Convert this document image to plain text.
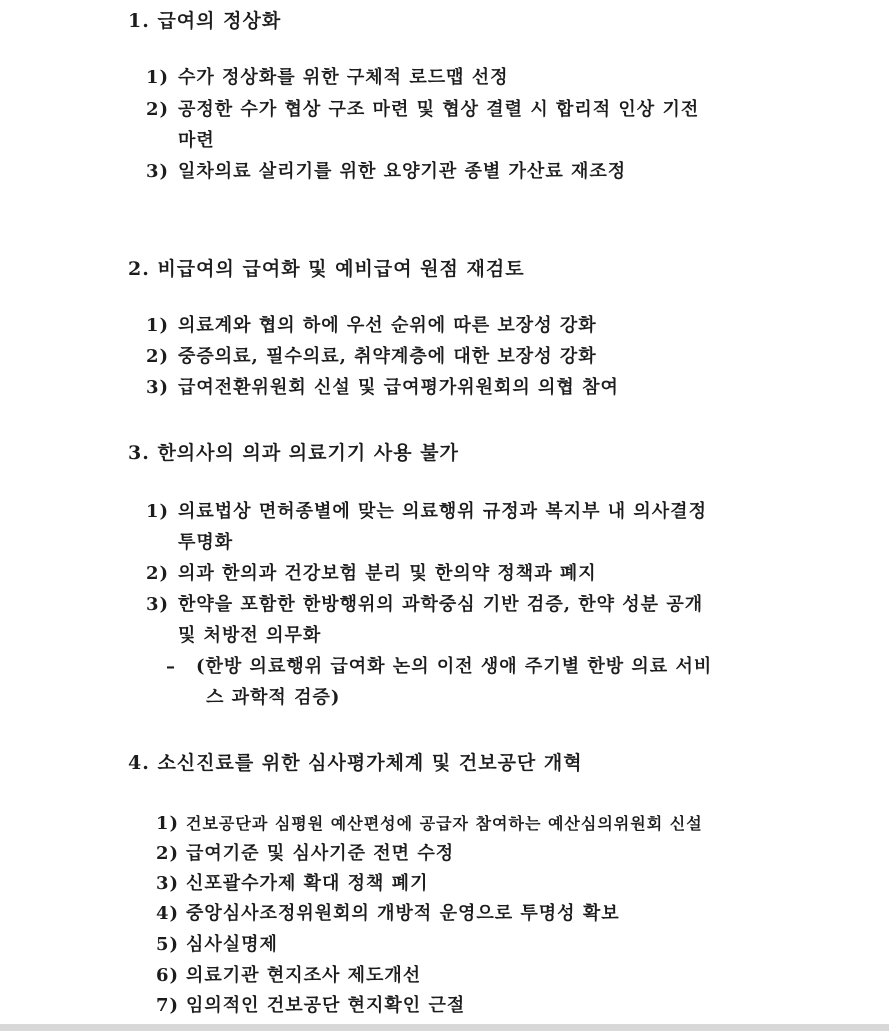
1. 급여의 정상화
1) 수가 정상화를 위한 구체적 로드맵 선정
2) 공정한 수가 협상 구조 마련 및 협상 결렬 시 합리적 인상 기전
마련
3) 일차의료 살리기를 위한 요양기관 종별 가산료 재조정
2. 비급여의 급여화 및 예비급여 원점 재검토
1) 의료계와 협의 하에 우선 순위에 따른 보장성 강화
2) 중증의료, 필수의료, 취약계층에 대한 보장성 강화
3) 급여전환위원회 신설 및 급여평가위원회의 의협 참여
3. 한의사의 의과 의료기기 사용 불가
1) 의료법상 면허종별에 맞는 의료행위 규정과 복지부 내 의사결정
투명화
2) 의과 한의과 건강보험 분리 및 한의약 정책과 폐지
3) 한약을 포함한 한방행위의 과학중심 기반 검증, 한약 성분 공개
및 처방전 의무화
– (한방 의료행위 급여화 논의 이전 생애 주기별 한방 의료 서비
스 과학적 검증)
4. 소신진료를 위한 심사평가체계 및 건보공단 개혁
1) 건보공단과 심평원 예산편성에 공급자 참여하는 예산심의위원회 신설
2) 급여기준 및 심사기준 전면 수정
3) 신포괄수가제 확대 정책 폐기
4) 중앙심사조정위원회의 개방적 운영으로 투명성 확보
5) 심사실명제
6) 의료기관 현지조사 제도개선
7) 임의적인 건보공단 현지확인 근절
